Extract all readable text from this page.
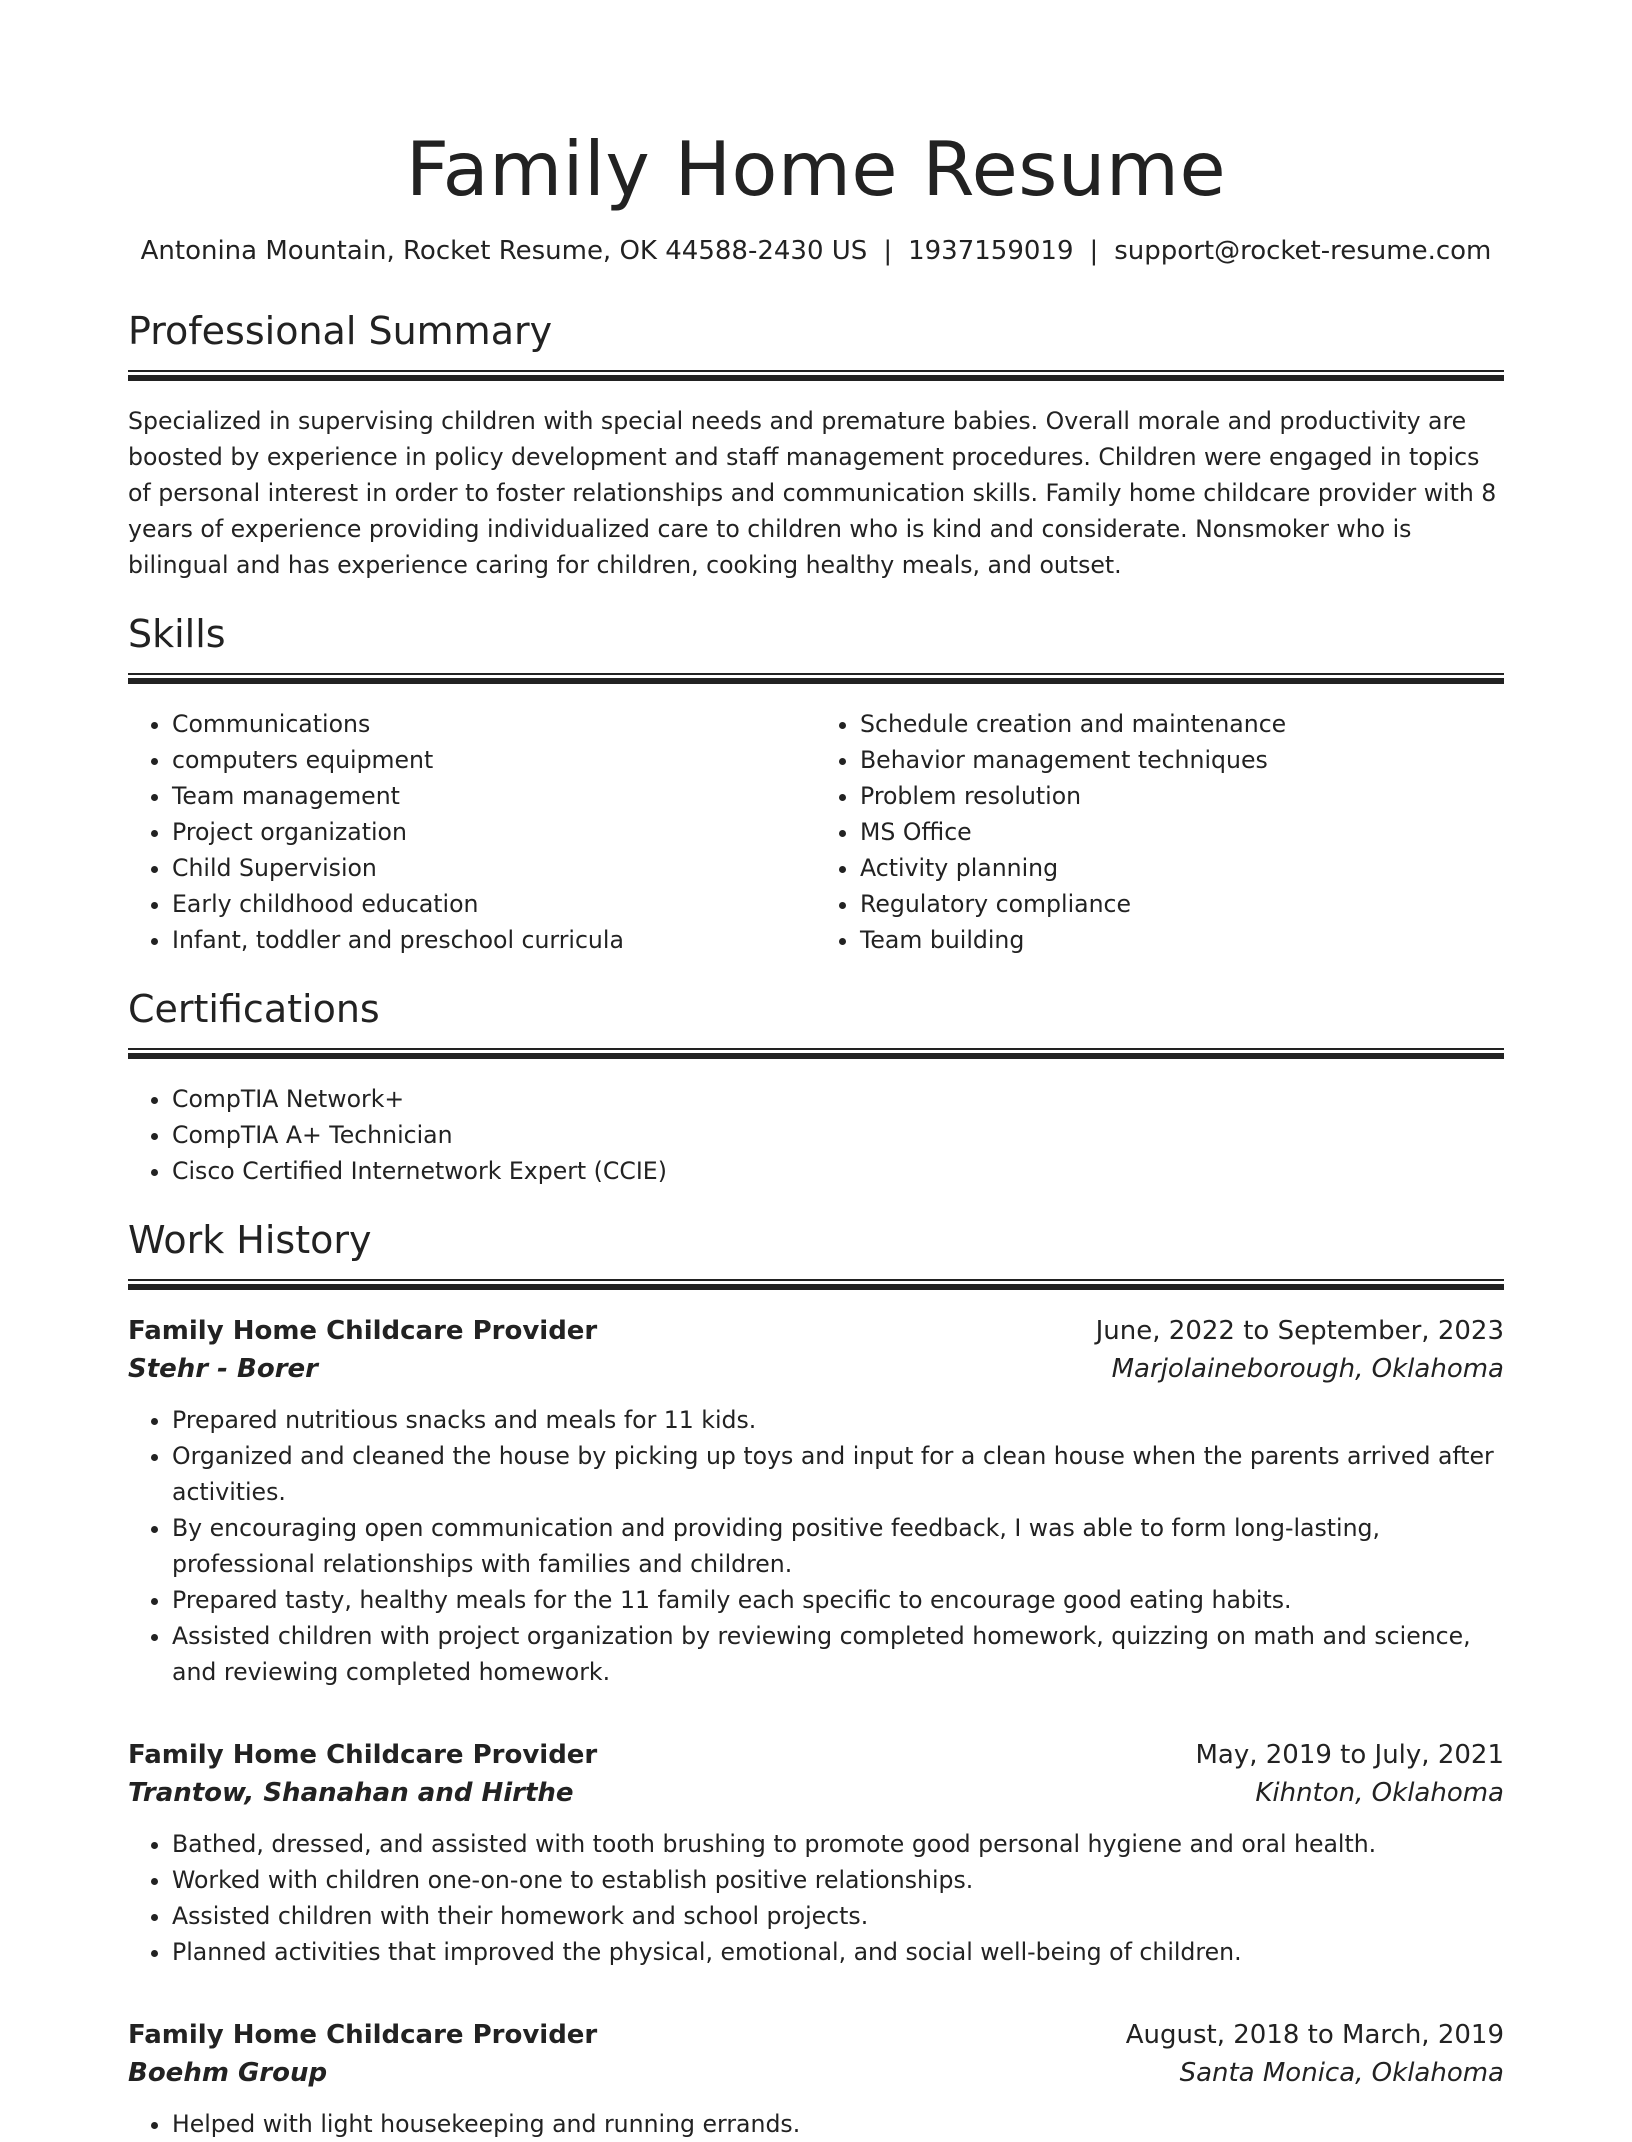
Family Home Resume
Antonina Mountain, Rocket Resume, OK 44588-2430 US | 1937159019 | support@rocket-resume.com
Professional Summary

Specialized in supervising children with special needs and premature babies. Overall morale and productivity are boosted by experience in policy development and staff management procedures. Children were engaged in topics of personal interest in order to foster relationships and communication skills. Family home childcare provider with 8 years of experience providing individualized care to children who is kind and considerate. Nonsmoker who is bilingual and has experience caring for children, cooking healthy meals, and outset.

Skills
• Communications
• computers equipment
• Team management
• Project organization
• Child Supervision
• Early childhood education
• Infant, toddler and preschool curricula
• Schedule creation and maintenance
• Behavior management techniques
• Problem resolution
• MS Office
• Activity planning
• Regulatory compliance
• Team building
Certifications
• CompTIA Network+
• CompTIA A+ Technician
• Cisco Certified Internetwork Expert (CCIE)
Work History
Family Home Childcare Provider	June, 2022 to September, 2023
Stehr - Borer	Marjolaineborough, Oklahoma
• Prepared nutritious snacks and meals for 11 kids.
• Organized and cleaned the house by picking up toys and input for a clean house when the parents arrived after activities.
• By encouraging open communication and providing positive feedback, I was able to form long-lasting, professional relationships with families and children.
• Prepared tasty, healthy meals for the 11 family each specific to encourage good eating habits.
• Assisted children with project organization by reviewing completed homework, quizzing on math and science, and reviewing completed homework.
Family Home Childcare Provider	May, 2019 to July, 2021
Trantow, Shanahan and Hirthe	Kihnton, Oklahoma
• Bathed, dressed, and assisted with tooth brushing to promote good personal hygiene and oral health.
• Worked with children one-on-one to establish positive relationships.
• Assisted children with their homework and school projects.
• Planned activities that improved the physical, emotional, and social well-being of children.
Family Home Childcare Provider	August, 2018 to March, 2019
Boehm Group	Santa Monica, Oklahoma
• Helped with light housekeeping and running errands.
